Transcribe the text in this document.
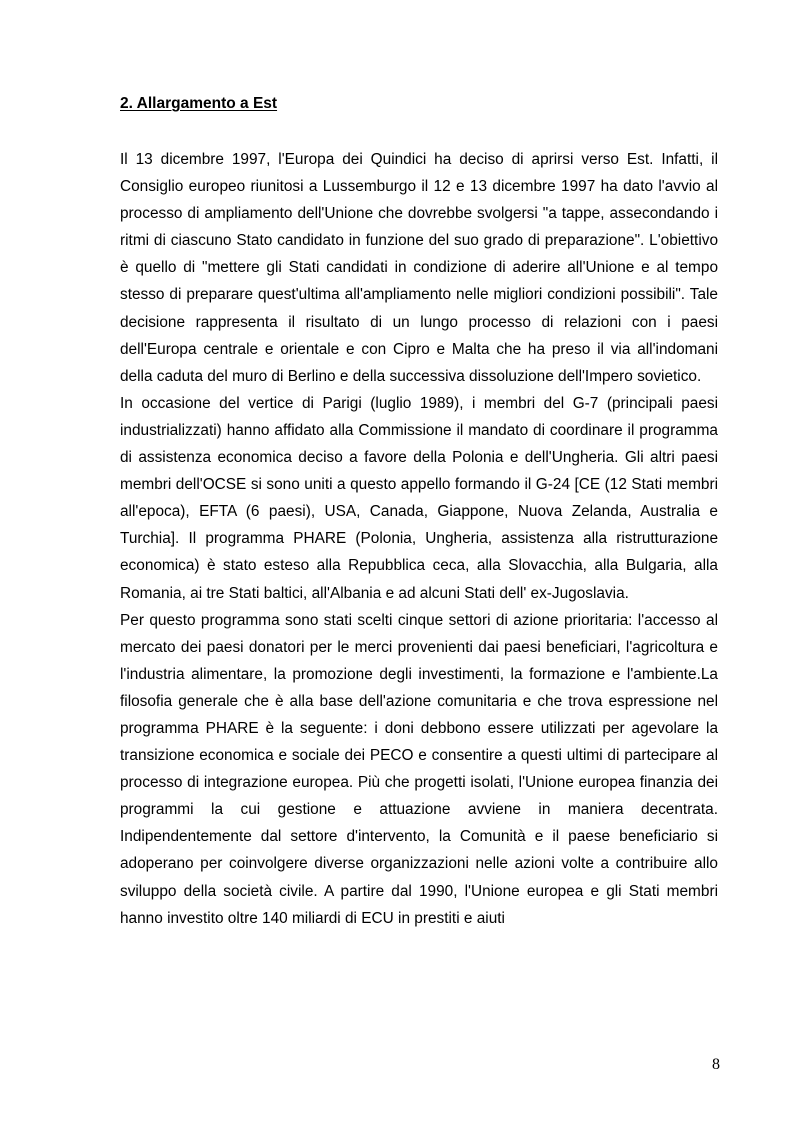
2. Allargamento a Est

Il 13 dicembre 1997, l'Europa dei Quindici ha deciso di aprirsi verso Est. Infatti, il Consiglio europeo riunitosi a Lussemburgo il 12 e 13 dicembre 1997 ha dato l'avvio al processo di ampliamento dell'Unione che dovrebbe svolgersi "a tappe, assecondando i ritmi di ciascuno Stato candidato in funzione del suo grado di preparazione". L'obiettivo è quello di "mettere gli Stati candidati in condizione di aderire all'Unione e al tempo stesso di preparare quest'ultima all'ampliamento nelle migliori condizioni possibili". Tale decisione rappresenta il risultato di un lungo processo di relazioni con i paesi dell'Europa centrale e orientale e con Cipro e Malta che ha preso il via all'indomani della caduta del muro di Berlino e della successiva dissoluzione dell'Impero sovietico.

In occasione del vertice di Parigi (luglio 1989), i membri del G-7 (principali paesi industrializzati) hanno affidato alla Commissione il mandato di coordinare il programma di assistenza economica deciso a favore della Polonia e dell'Ungheria. Gli altri paesi membri dell'OCSE si sono uniti a questo appello formando il G-24 [CE (12 Stati membri all'epoca), EFTA (6 paesi), USA, Canada, Giappone, Nuova Zelanda, Australia e Turchia]. Il programma PHARE (Polonia, Ungheria, assistenza alla ristrutturazione economica) è stato esteso alla Repubblica ceca, alla Slovacchia, alla Bulgaria, alla Romania, ai tre Stati baltici, all'Albania e ad alcuni Stati dell' ex-Jugoslavia.

Per questo programma sono stati scelti cinque settori di azione prioritaria: l'accesso al mercato dei paesi donatori per le merci provenienti dai paesi beneficiari, l'agricoltura e l'industria alimentare, la promozione degli investimenti, la formazione e l'ambiente.La filosofia generale che è alla base dell'azione comunitaria e che trova espressione nel programma PHARE è la seguente: i doni debbono essere utilizzati per agevolare la transizione economica e sociale dei PECO e consentire a questi ultimi di partecipare al processo di integrazione europea. Più che progetti isolati, l'Unione europea finanzia dei programmi la cui gestione e attuazione avviene in maniera decentrata. Indipendentemente dal settore d'intervento, la Comunità e il paese beneficiario si adoperano per coinvolgere diverse organizzazioni nelle azioni volte a contribuire allo sviluppo della società civile. A partire dal 1990, l'Unione europea e gli Stati membri hanno investito oltre 140 miliardi di ECU in prestiti e aiuti

8
